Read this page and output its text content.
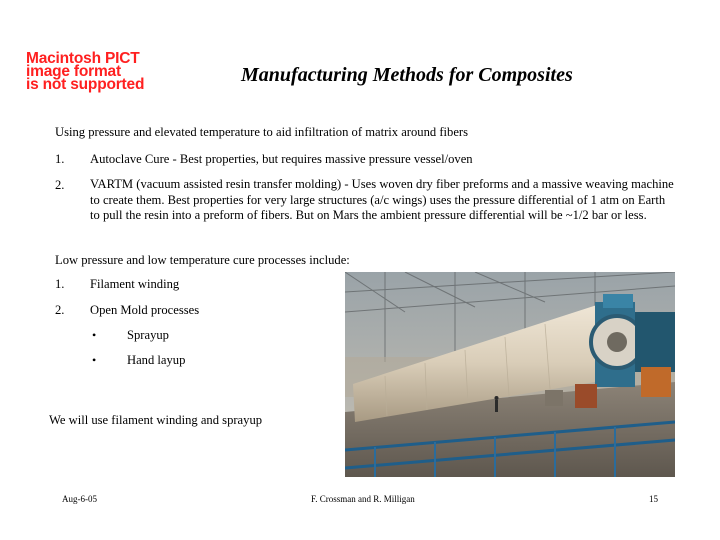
Macintosh PICT
image format
is not supported	Manufacturing Methods for Composites
Using pressure and elevated temperature to aid infiltration of matrix around fibers
1. Autoclave Cure - Best properties, but requires massive pressure vessel/oven
2. VARTM (vacuum assisted resin transfer molding) - Uses woven dry fiber preforms and a massive weaving machine to create them. Best properties for very large structures (a/c wings) uses the pressure differential of 1 atm on Earth to pull the resin into a preform of fibers. But on Mars the ambient pressure differential will be ~1/2 bar or less.
Low pressure and low temperature cure processes include:
1. Filament winding
2. Open Mold processes
• Sprayup
• Hand layup
We will use filament winding and sprayup
Aug-6-05	F. Crossman and R. Milligan	15
